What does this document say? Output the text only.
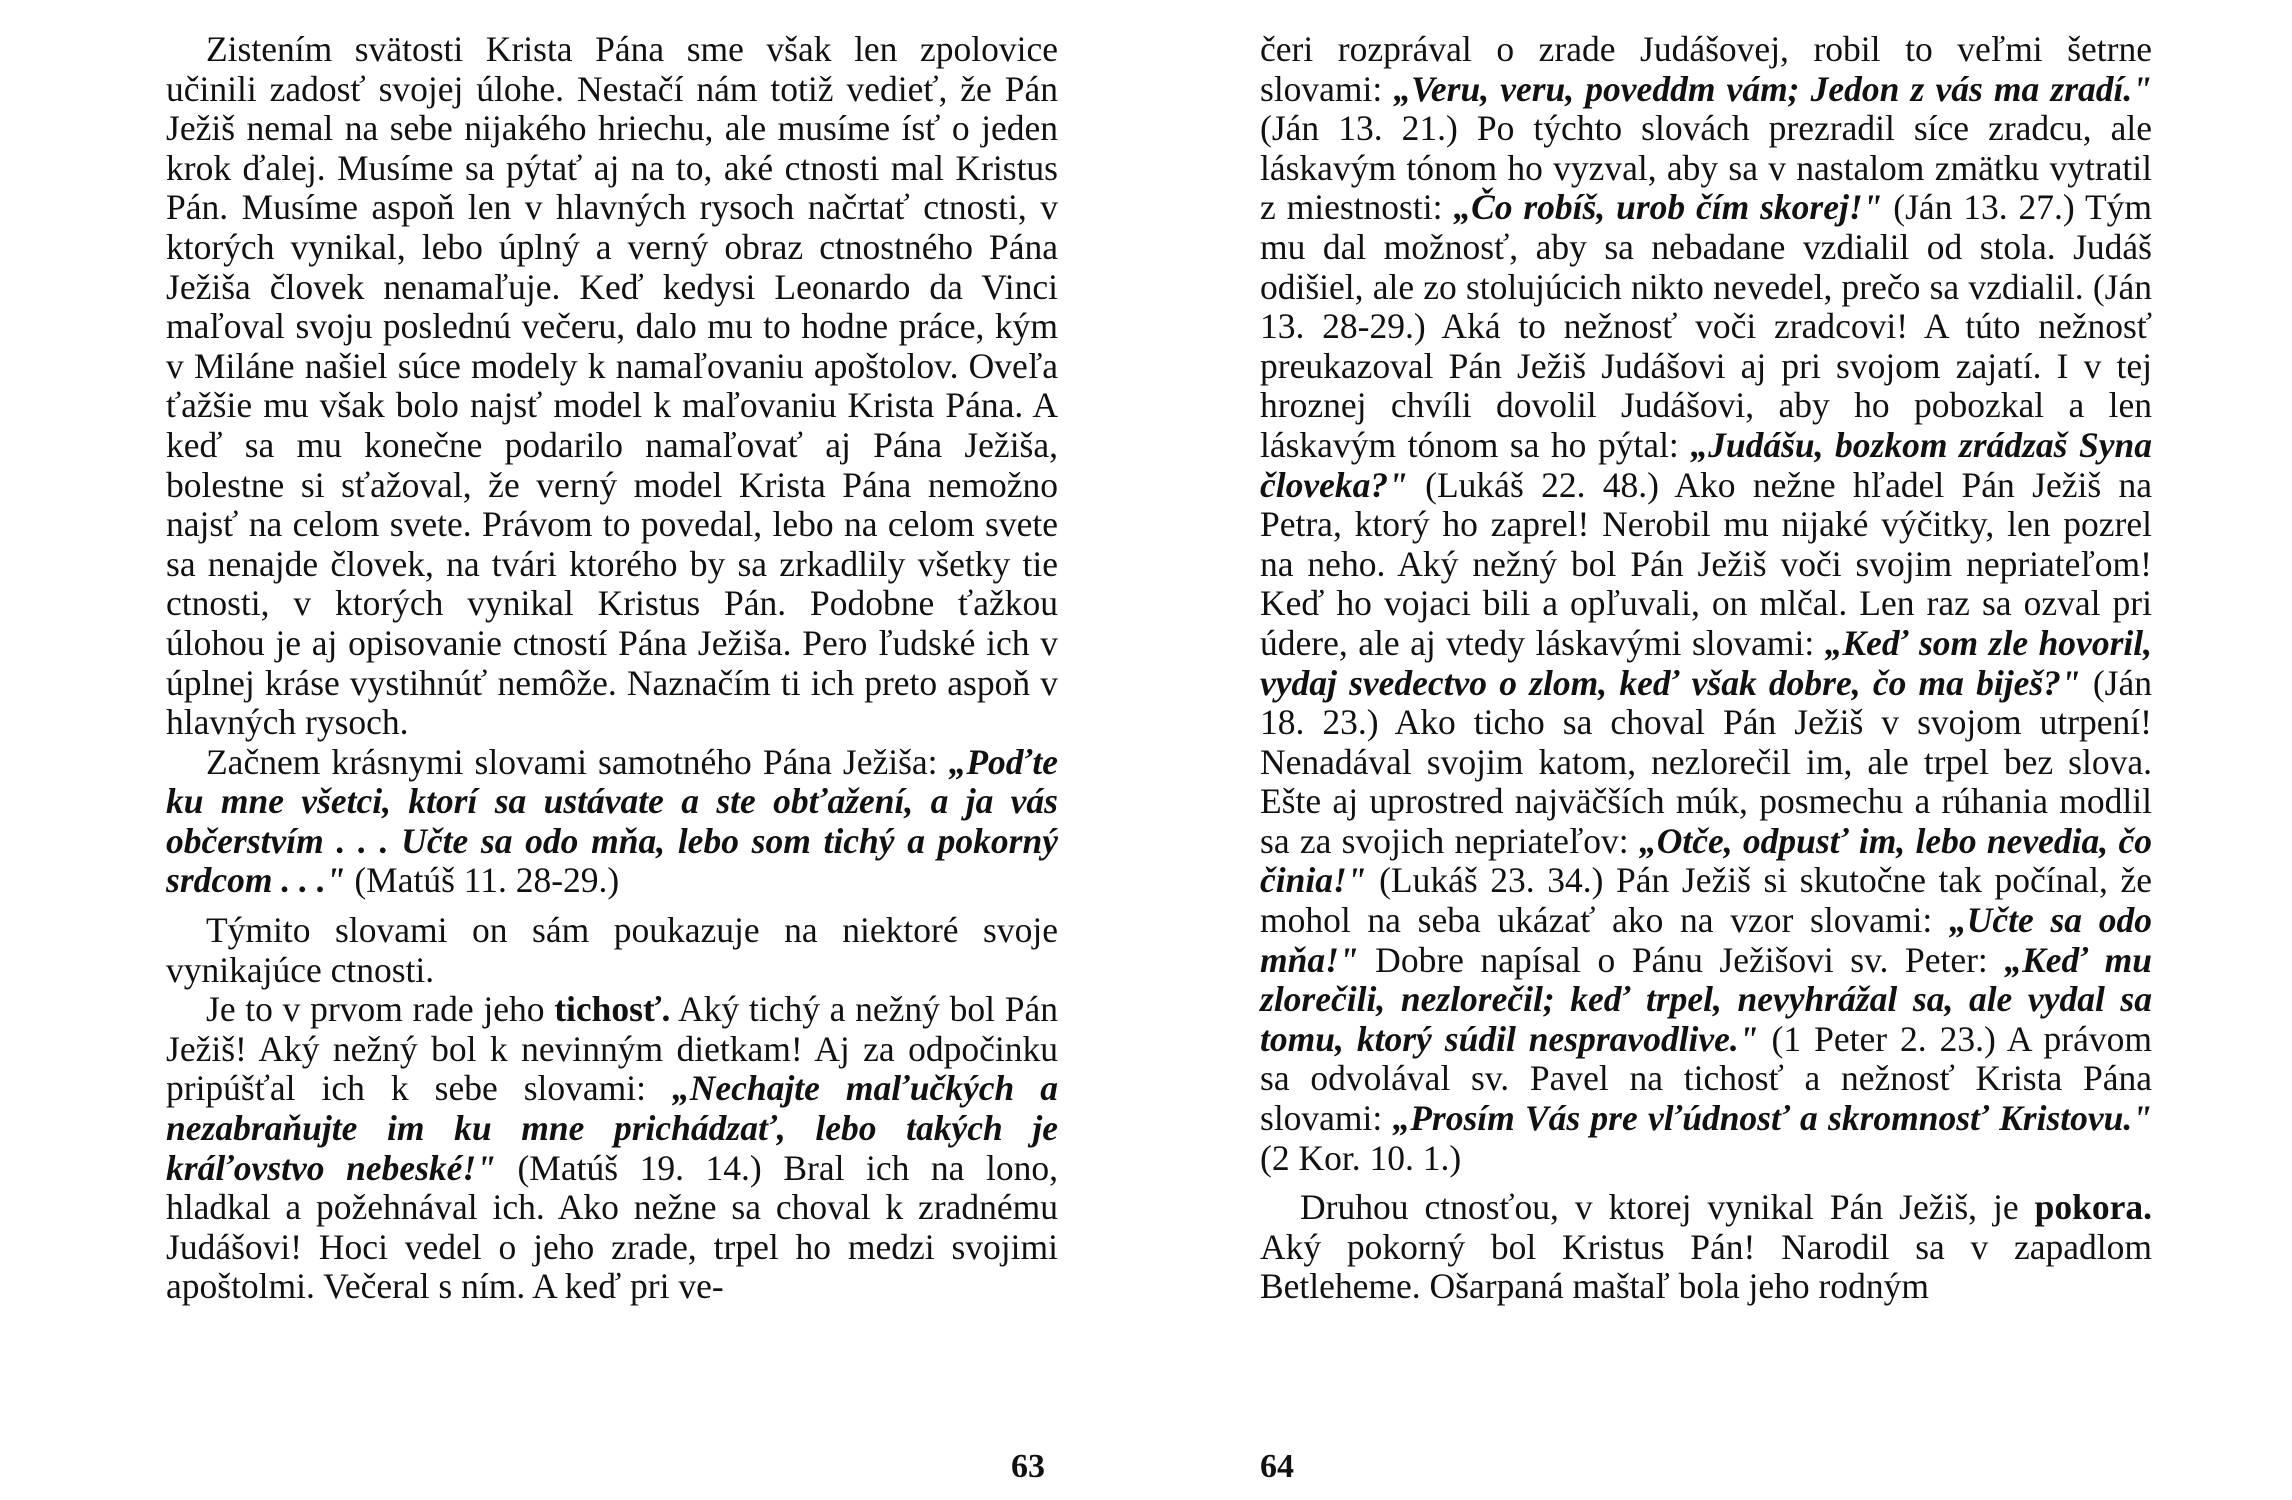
Zistením svätosti Krista Pána sme však len zpolovice učinili zadosť svojej úlohe. Nestačí nám totiž vedieť, že Pán Ježiš nemal na sebe nijakého hriechu, ale musíme ísť o jeden krok ďalej. Musíme sa pýtať aj na to, aké ctnosti mal Kristus Pán. Musíme aspoň len v hlavných rysoch načrtať ctnosti, v ktorých vynikal, lebo úplný a verný obraz ctnostného Pána Ježiša človek nenamaľuje. Keď kedysi Leonardo da Vinci maľoval svoju poslednú večeru, dalo mu to hodne práce, kým v Miláne našiel súce modely k namaľovaniu apoštolov. Oveľa ťažšie mu však bolo najsť model k maľovaniu Krista Pána. A keď sa mu konečne podarilo namaľovať aj Pána Ježiša, bolestne si sťažoval, že verný model Krista Pána nemožno najsť na celom svete. Právom to povedal, lebo na celom svete sa nenajde človek, na tvári ktorého by sa zrkadlily všetky tie ctnosti, v ktorých vynikal Kristus Pán. Podobne ťažkou úlohou je aj opisovanie ctností Pána Ježiša. Pero ľudské ich v úplnej kráse vystihnúť nemôže. Naznačím ti ich preto aspoň v hlavných rysoch.

Začnem krásnymi slovami samotného Pána Ježiša: „Poďte ku mne všetci, ktorí sa ustávate a ste obťažení, a ja vás občerstvím . . . Učte sa odo mňa, lebo som tichý a pokorný srdcom . . ." (Matúš 11. 28-29.)

Týmito slovami on sám poukazuje na niektoré svoje vynikajúce ctnosti.

Je to v prvom rade jeho tichosť. Aký tichý a nežný bol Pán Ježiš! Aký nežný bol k nevinným dietkam! Aj za odpočinku pripúšťal ich k sebe slovami: „Nechajte maľučkých a nezabraňujte im ku mne prichádzať, lebo takých je kráľovstvo nebeské!" (Matúš 19. 14.) Bral ich na lono, hladkal a požehnával ich. Ako nežne sa choval k zradnému Judášovi! Hoci vedel o jeho zrade, trpel ho medzi svojimi apoštolmi. Večeral s ním. A keď pri ve-

63

čeri rozprával o zrade Judášovej, robil to veľmi šetrne slovami: „Veru, veru, poveddm vám; Jedon z vás ma zradí." (Ján 13. 21.) Po týchto slovách prezradil síce zradcu, ale láskavým tónom ho vyzval, aby sa v nastalom zmätku vytratil z miestnosti: „Čo robíš, urob čím skorej!" (Ján 13. 27.) Tým mu dal možnosť, aby sa nebadane vzdialil od stola. Judáš odišiel, ale zo stolujúcich nikto nevedel, prečo sa vzdialil. (Ján 13. 28-29.) Aká to nežnosť voči zradcovi! A túto nežnosť preukazoval Pán Ježiš Judášovi aj pri svojom zajatí. I v tej hroznej chvíli dovolil Judášovi, aby ho pobozkal a len láskavým tónom sa ho pýtal: „Judášu, bozkom zrádzaš Syna človeka?" (Lukáš 22. 48.) Ako nežne hľadel Pán Ježiš na Petra, ktorý ho zaprel! Nerobil mu nijaké výčitky, len pozrel na neho. Aký nežný bol Pán Ježiš voči svojim nepriateľom! Keď ho vojaci bili a opľuvali, on mlčal. Len raz sa ozval pri údere, ale aj vtedy láskavými slovami: „Keď som zle hovoril, vydaj svedectvo o zlom, keď však dobre, čo ma biješ?" (Ján 18. 23.) Ako ticho sa choval Pán Ježiš v svojom utrpení! Nenadával svojim katom, nezlorečil im, ale trpel bez slova. Ešte aj uprostred najväčších múk, posmechu a rúhania modlil sa za svojich nepriateľov: „Otče, odpusť im, lebo nevedia, čo činia!" (Lukáš 23. 34.) Pán Ježiš si skutočne tak počínal, že mohol na seba ukázať ako na vzor slovami: „Učte sa odo mňa!" Dobre napísal o Pánu Ježišovi sv. Peter: „Keď mu zlorečili, nezlorečil; keď trpel, nevyhrážal sa, ale vydal sa tomu, ktorý súdil nespravodlive." (1 Peter 2. 23.) A právom sa odvolával sv. Pavel na tichosť a nežnosť Krista Pána slovami: „Prosím Vás pre vľúdnosť a skromnosť Kristovu." (2 Kor. 10. 1.)

Druhou ctnosťou, v ktorej vynikal Pán Ježiš, je pokora. Aký pokorný bol Kristus Pán! Narodil sa v zapadlom Betleheme. Ošarpaná maštaľ bola jeho rodným

64
